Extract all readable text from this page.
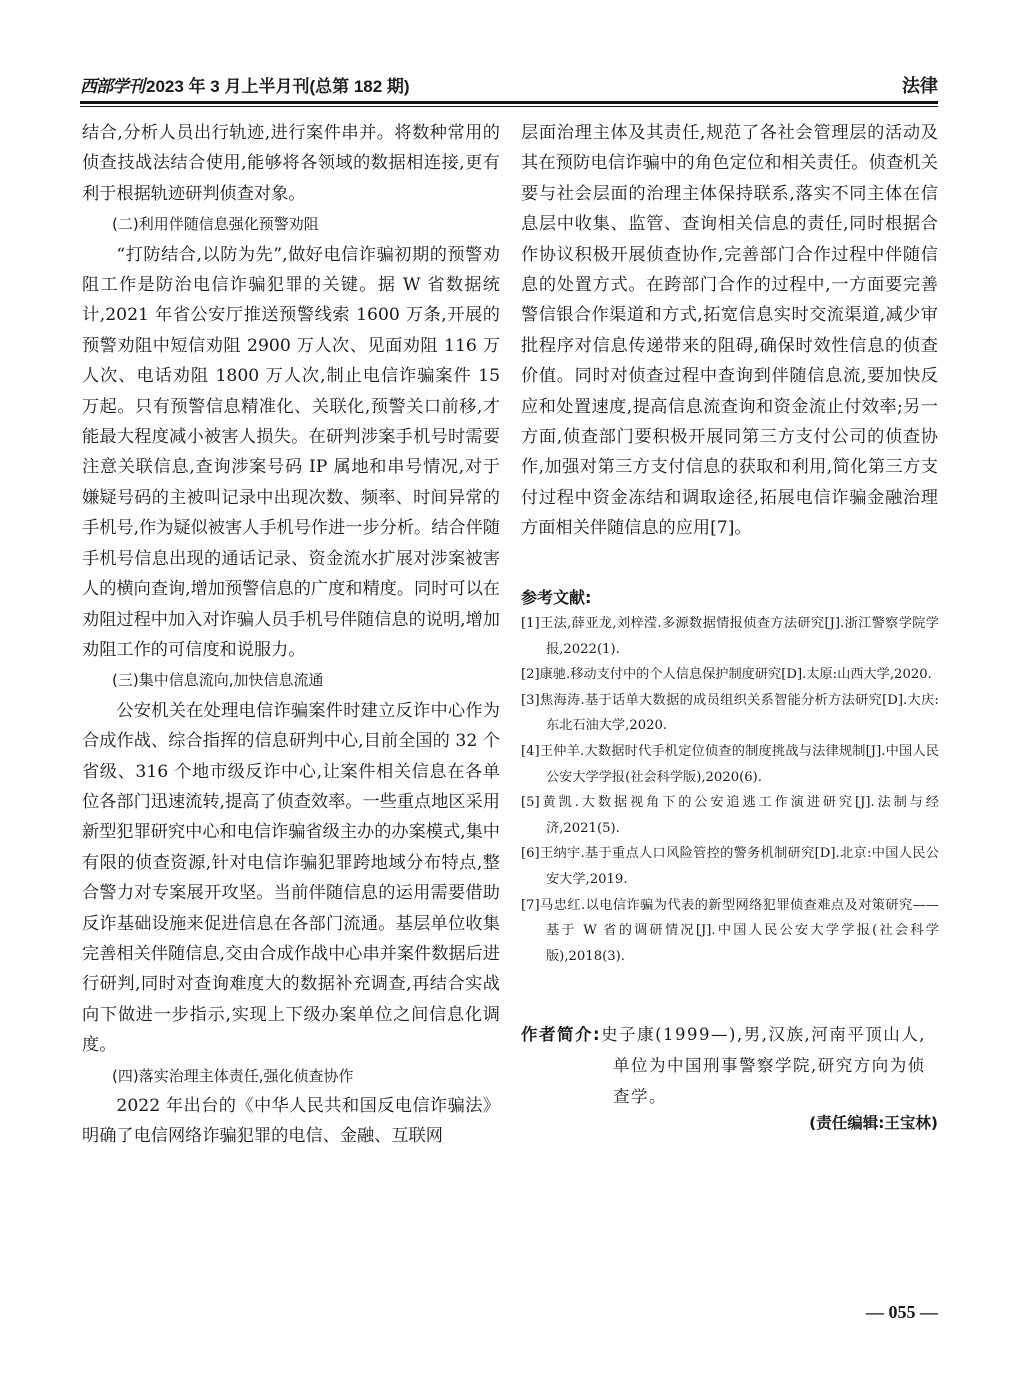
西部学刊 2023 年 3 月上半月刊(总第 182 期)	法律

结合,分析人员出行轨迹,进行案件串并。将数种常用的侦查技战法结合使用,能够将各领域的数据相连接,更有利于根据轨迹研判侦查对象。

(二)利用伴随信息强化预警劝阻

“打防结合,以防为先”,做好电信诈骗初期的预警劝阻工作是防治电信诈骗犯罪的关键。据 W 省数据统计,2021 年省公安厅推送预警线索 1600 万条,开展的预警劝阻中短信劝阻 2900 万人次、见面劝阻 116 万人次、电话劝阻 1800 万人次,制止电信诈骗案件 15 万起。只有预警信息精准化、关联化,预警关口前移,才能最大程度减小被害人损失。在研判涉案手机号时需要注意关联信息,查询涉案号码 IP 属地和串号情况,对于嫌疑号码的主被叫记录中出现次数、频率、时间异常的手机号,作为疑似被害人手机号作进一步分析。结合伴随手机号信息出现的通话记录、资金流水扩展对涉案被害人的横向查询,增加预警信息的广度和精度。同时可以在劝阻过程中加入对诈骗人员手机号伴随信息的说明,增加劝阻工作的可信度和说服力。

(三)集中信息流向,加快信息流通

公安机关在处理电信诈骗案件时建立反诈中心作为合成作战、综合指挥的信息研判中心,目前全国的 32 个省级、316 个地市级反诈中心,让案件相关信息在各单位各部门迅速流转,提高了侦查效率。一些重点地区采用新型犯罪研究中心和电信诈骗省级主办的办案模式,集中有限的侦查资源,针对电信诈骗犯罪跨地域分布特点,整合警力对专案展开攻坚。当前伴随信息的运用需要借助反诈基础设施来促进信息在各部门流通。基层单位收集完善相关伴随信息,交由合成作战中心串并案件数据后进行研判,同时对查询难度大的数据补充调查,再结合实战向下做进一步指示,实现上下级办案单位之间信息化调度。

(四)落实治理主体责任,强化侦查协作

2022 年出台的《中华人民共和国反电信诈骗法》明确了电信网络诈骗犯罪的电信、金融、互联网

层面治理主体及其责任,规范了各社会管理层的活动及其在预防电信诈骗中的角色定位和相关责任。侦查机关要与社会层面的治理主体保持联系,落实不同主体在信息层中收集、监管、查询相关信息的责任,同时根据合作协议积极开展侦查协作,完善部门合作过程中伴随信息的处置方式。在跨部门合作的过程中,一方面要完善警信银合作渠道和方式,拓宽信息实时交流渠道,减少审批程序对信息传递带来的阻碍,确保时效性信息的侦查价值。同时对侦查过程中查询到伴随信息流,要加快反应和处置速度,提高信息流查询和资金流止付效率;另一方面,侦查部门要积极开展同第三方支付公司的侦查协作,加强对第三方支付信息的获取和利用,简化第三方支付过程中资金冻结和调取途径,拓展电信诈骗金融治理方面相关伴随信息的应用[7]。

参考文献:
[1]王法,薛亚龙,刘梓滢.多源数据情报侦查方法研究[J].浙江警察学院学报,2022(1).
[2]康驰.移动支付中的个人信息保护制度研究[D].太原:山西大学,2020.
[3]焦海涛.基于话单大数据的成员组织关系智能分析方法研究[D].大庆:东北石油大学,2020.
[4]王仲羊.大数据时代手机定位侦查的制度挑战与法律规制[J].中国人民公安大学学报(社会科学版),2020(6).
[5]黄凯.大数据视角下的公安追逃工作演进研究[J].法制与经济,2021(5).
[6]王纳宇.基于重点人口风险管控的警务机制研究[D].北京:中国人民公安大学,2019.
[7]马忠红.以电信诈骗为代表的新型网络犯罪侦查难点及对策研究——基于 W 省的调研情况[J].中国人民公安大学学报(社会科学版),2018(3).
作者简介:史子康(1999—),男,汉族,河南平顶山人,单位为中国刑事警察学院,研究方向为侦查学。
(责任编辑:王宝林)
— 055 —
